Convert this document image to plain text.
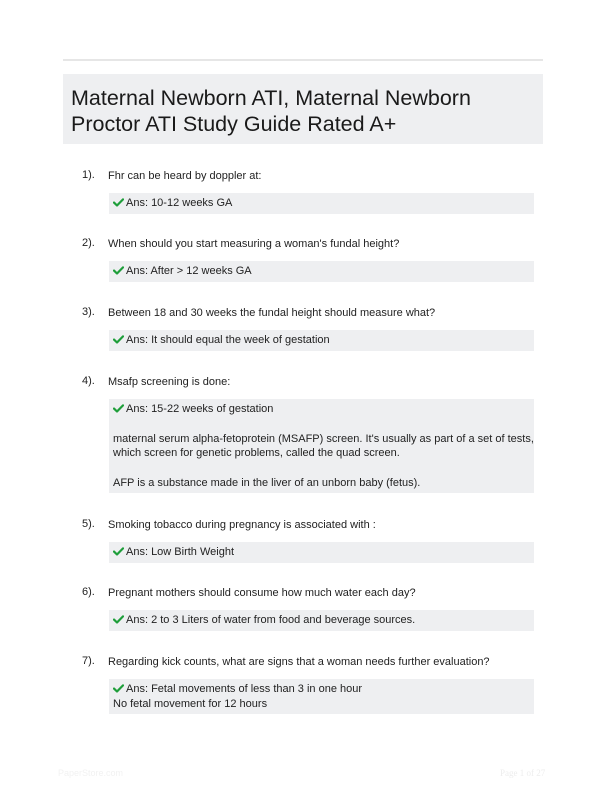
Maternal Newborn ATI, Maternal Newborn
Proctor ATI Study Guide Rated A+
1). Fhr can be heard by doppler at:
Ans: 10-12 weeks GA
2). When should you start measuring a woman's fundal height?
Ans: After > 12 weeks GA
3). Between 18 and 30 weeks the fundal height should measure what?
Ans: It should equal the week of gestation
4). Msafp screening is done:
Ans: 15-22 weeks of gestation
maternal serum alpha-fetoprotein (MSAFP) screen. It's usually as part of a set of tests,
which screen for genetic problems, called the quad screen.
AFP is a substance made in the liver of an unborn baby (fetus).
5). Smoking tobacco during pregnancy is associated with :
Ans: Low Birth Weight
6). Pregnant mothers should consume how much water each day?
Ans: 2 to 3 Liters of water from food and beverage sources.
7). Regarding kick counts, what are signs that a woman needs further evaluation?
Ans: Fetal movements of less than 3 in one hour
No fetal movement for 12 hours
PaperStore.com	Page 1 of 27
